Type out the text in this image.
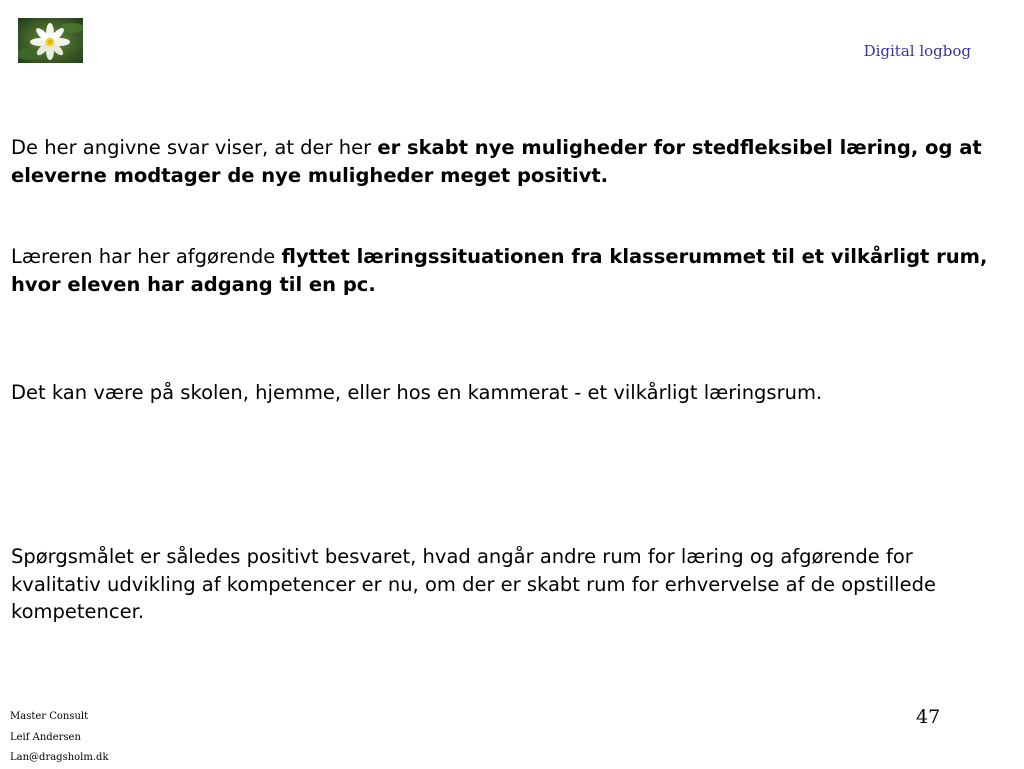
Digital logbog

De her angivne svar viser, at der her er skabt nye muligheder for stedfleksibel læring, og at eleverne modtager de nye muligheder meget positivt.

Læreren har her afgørende flyttet læringssituationen fra klasserummet til et vilkårligt rum, hvor eleven har adgang til en pc.

Det kan være på skolen, hjemme, eller hos en kammerat - et vilkårligt læringsrum.

Spørgsmålet er således positivt besvaret, hvad angår andre rum for læring og afgørende for kvalitativ udvikling af kompetencer er nu, om der er skabt rum for erhvervelse af de opstillede kompetencer.

Master Consult
Leif Andersen
Lan@dragsholm.dk
47
